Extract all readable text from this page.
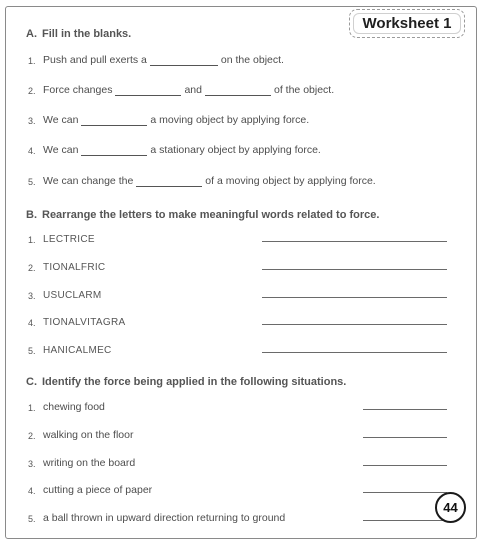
Worksheet 1
A. Fill in the blanks.
1. Push and pull exerts a	on the object.
2. Force changes	and	of the object.
3. We can	a moving object by applying force.
4. We can	a stationary object by applying force.
5. We can change the	of a moving object by applying force.
B. Rearrange the letters to make meaningful words related to force.
1. LECTRICE
2. TIONALFRIC
3. USUCLARM
4. TIONALVITAGRA
5. HANICALMEC
C. Identify the force being applied in the following situations.
1. chewing food
2. walking on the floor
3. writing on the board
4. cutting a piece of paper
5. a ball thrown in upward direction returning to ground
44
